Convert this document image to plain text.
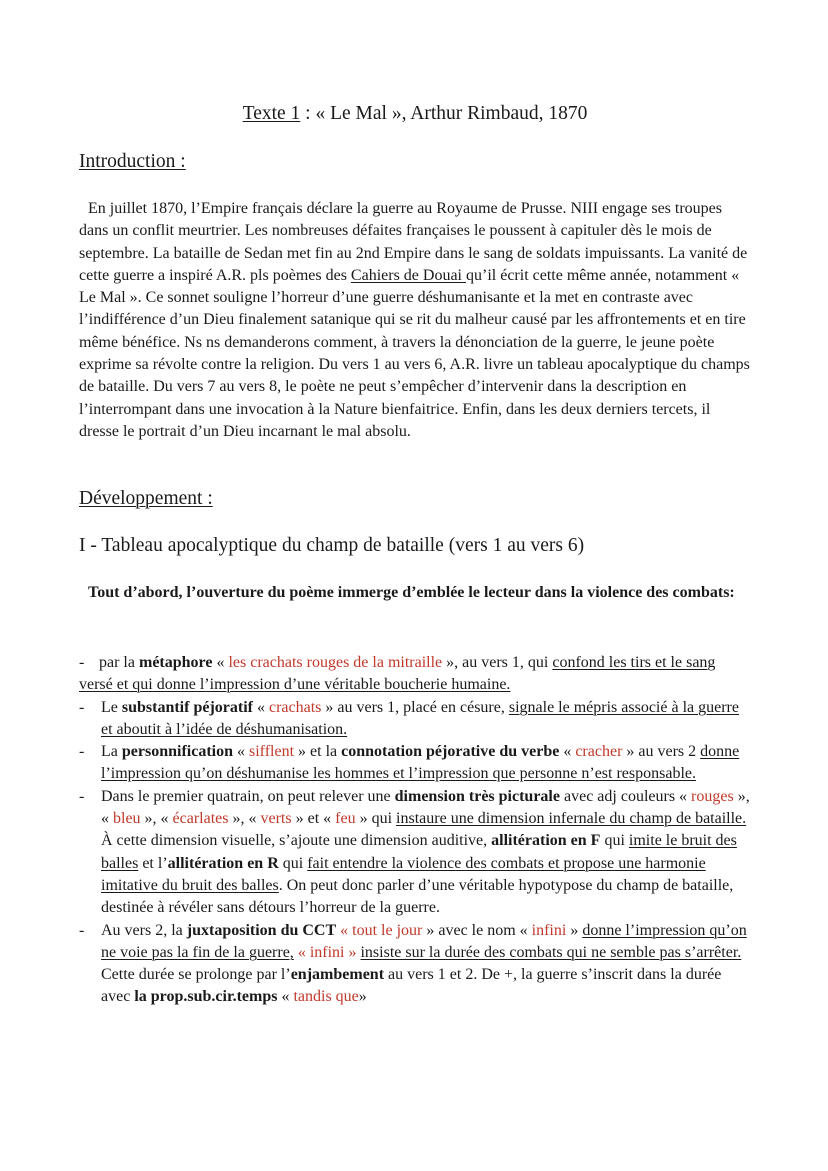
Texte 1 : « Le Mal », Arthur Rimbaud, 1870
Introduction :
En juillet 1870, l’Empire français déclare la guerre au Royaume de Prusse. NIII engage ses troupes dans un conflit meurtrier. Les nombreuses défaites françaises le poussent à capituler dès le mois de septembre. La bataille de Sedan met fin au 2nd Empire dans le sang de soldats impuissants. La vanité de cette guerre a inspiré A.R. pls poèmes des Cahiers de Douai qu’il écrit cette même année, notamment « Le Mal ». Ce sonnet souligne l’horreur d’une guerre déshumanisante et la met en contraste avec l’indifférence d’un Dieu finalement satanique qui se rit du malheur causé par les affrontements et en tire même bénéfice. Ns ns demanderons comment, à travers la dénonciation de la guerre, le jeune poète exprime sa révolte contre la religion. Du vers 1 au vers 6, A.R. livre un tableau apocalyptique du champs de bataille. Du vers 7 au vers 8, le poète ne peut s’empêcher d’intervenir dans la description en l’interrompant dans une invocation à la Nature bienfaitrice. Enfin, dans les deux derniers tercets, il dresse le portrait d’un Dieu incarnant le mal absolu.
Développement :
I - Tableau apocalyptique du champ de bataille (vers 1 au vers 6)
Tout d’abord, l’ouverture du poème immerge d’emblée le lecteur dans la violence des combats:
- par la métaphore « les crachats rouges de la mitraille », au vers 1, qui confond les tirs et le sang versé et qui donne l’impression d’une véritable boucherie humaine.
-	Le substantif péjoratif « crachats » au vers 1, placé en césure, signale le mépris associé à la guerre et aboutit à l’idée de déshumanisation.
-	La personnification « sifflent » et la connotation péjorative du verbe « cracher » au vers 2 donne l’impression qu’on déshumanise les hommes et l’impression que personne n’est responsable.
-	Dans le premier quatrain, on peut relever une dimension très picturale avec adj couleurs « rouges », « bleu », « écarlates », « verts » et « feu » qui instaure une dimension infernale du champ de bataille. À cette dimension visuelle, s’ajoute une dimension auditive, allitération en F qui imite le bruit des balles et l’allitération en R qui fait entendre la violence des combats et propose une harmonie imitative du bruit des balles. On peut donc parler d’une véritable hypotypose du champ de bataille, destinée à révéler sans détours l’horreur de la guerre.
-	Au vers 2, la juxtaposition du CCT « tout le jour » avec le nom « infini » donne l’impression qu’on ne voie pas la fin de la guerre, « infini » insiste sur la durée des combats qui ne semble pas s’arrêter. Cette durée se prolonge par l’enjambement au vers 1 et 2. De +, la guerre s’inscrit dans la durée avec la prop.sub.cir.temps « tandis que»
